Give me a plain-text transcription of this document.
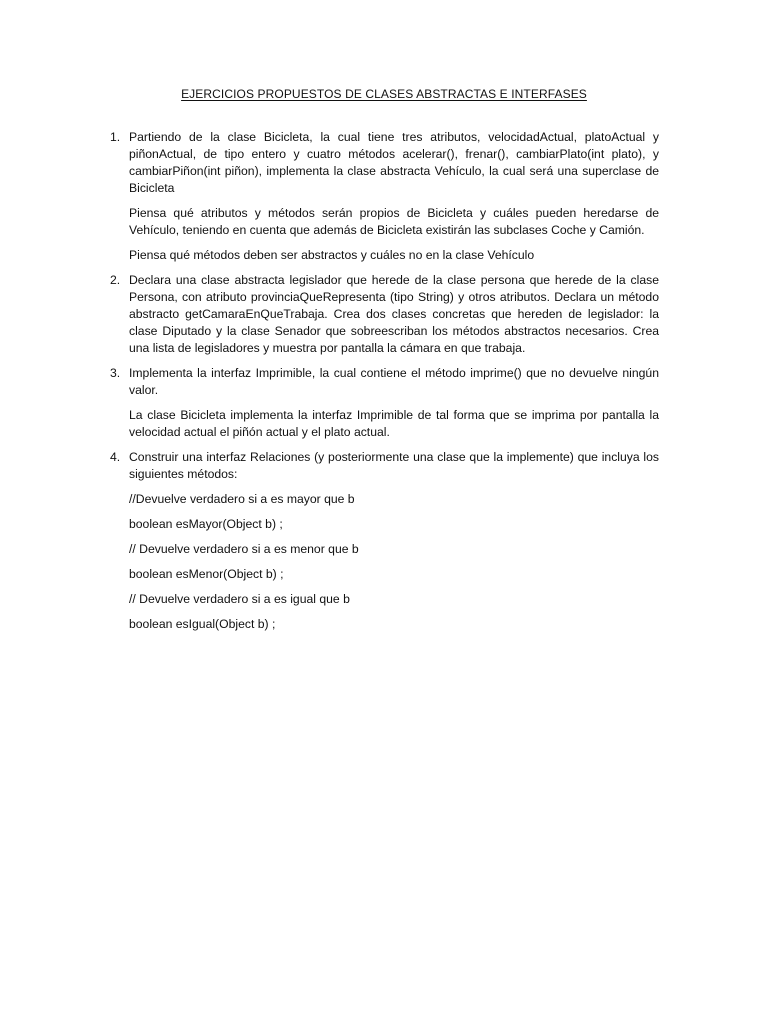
EJERCICIOS PROPUESTOS DE CLASES ABSTRACTAS E INTERFASES
1. Partiendo de la clase Bicicleta, la cual tiene tres atributos, velocidadActual, platoActual y piñonActual, de tipo entero y cuatro métodos acelerar(), frenar(), cambiarPlato(int plato), y cambiarPiñon(int piñon), implementa la clase abstracta Vehículo, la cual será una superclase de Bicicleta

Piensa qué atributos y métodos serán propios de Bicicleta y cuáles pueden heredarse de Vehículo, teniendo en cuenta que además de Bicicleta existirán las subclases Coche y Camión.

Piensa qué métodos deben ser abstractos y cuáles no en la clase Vehículo

2. Declara una clase abstracta legislador que herede de la clase persona que herede de la clase Persona, con atributo provinciaQueRepresenta (tipo String) y otros atributos. Declara un método abstracto getCamaraEnQueTrabaja. Crea dos clases concretas que hereden de legislador: la clase Diputado y la clase Senador que sobreescriban los métodos abstractos necesarios. Crea una lista de legisladores y muestra por pantalla la cámara en que trabaja.

3. Implementa la interfaz Imprimible, la cual contiene el método imprime() que no devuelve ningún valor.

La clase Bicicleta implementa la interfaz Imprimible de tal forma que se imprima por pantalla la velocidad actual el piñón actual y el plato actual.

4. Construir una interfaz Relaciones (y posteriormente una clase que la implemente) que incluya los siguientes métodos:

//Devuelve verdadero si a es mayor que b

boolean esMayor(Object b) ;

// Devuelve verdadero si a es menor que b

boolean esMenor(Object b) ;

// Devuelve verdadero si a es igual que b

boolean esIgual(Object b) ;
